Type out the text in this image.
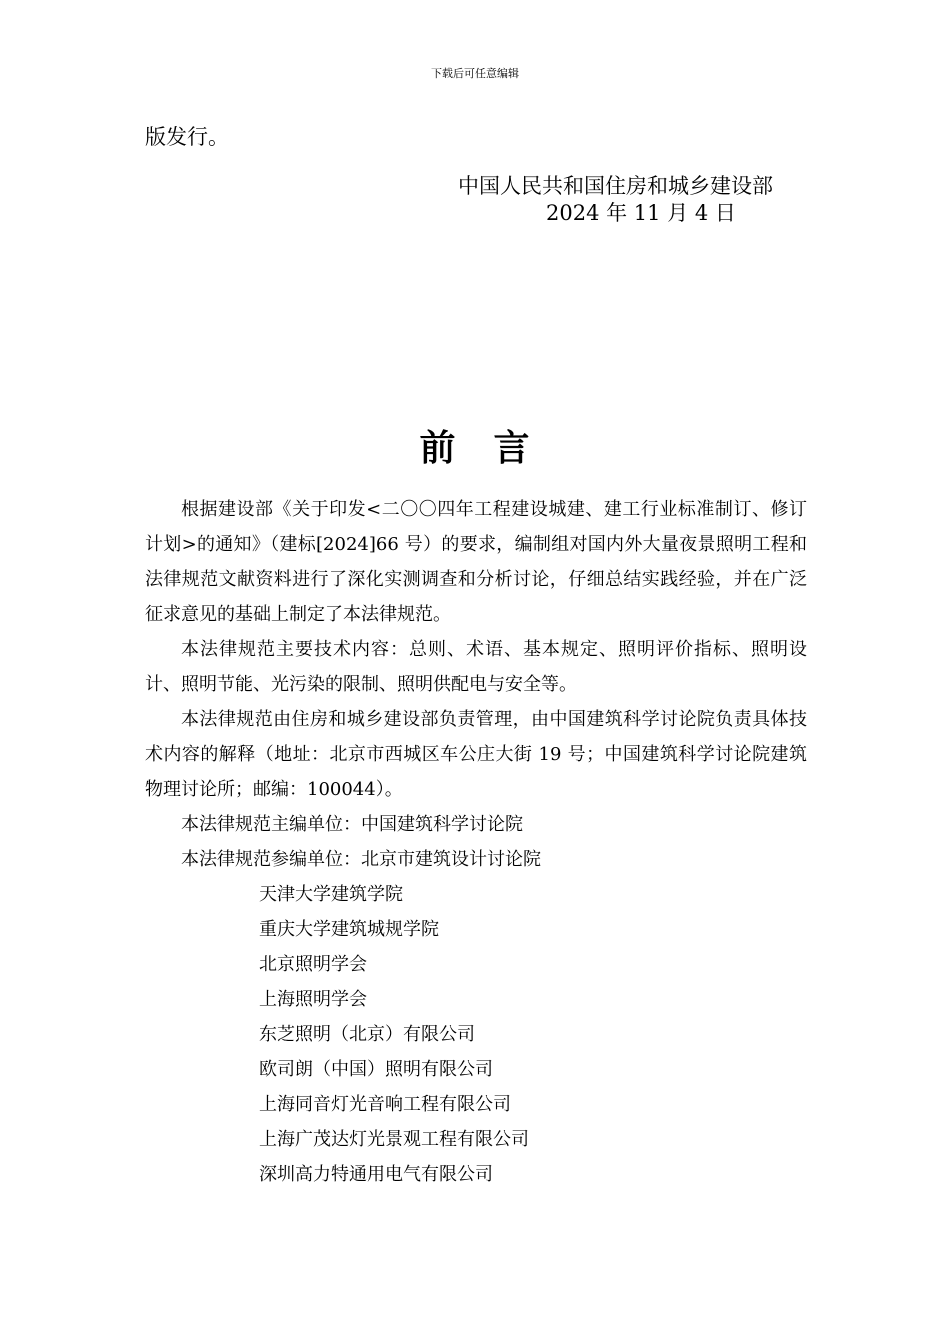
下载后可任意编辑
版发行。
中国人民共和国住房和城乡建设部
2024 年 11 月 4 日
前　言

根据建设部《关于印发<二〇〇四年工程建设城建、建工行业标准制订、修订计划>的通知》（建标[2024]66 号）的要求，编制组对国内外大量夜景照明工程和法律规范文献资料进行了深化实测调查和分析讨论，仔细总结实践经验，并在广泛征求意见的基础上制定了本法律规范。

本法律规范主要技术内容：总则、术语、基本规定、照明评价指标、照明设计、照明节能、光污染的限制、照明供配电与安全等。

本法律规范由住房和城乡建设部负责管理，由中国建筑科学讨论院负责具体技术内容的解释（地址：北京市西城区车公庄大街 19 号；中国建筑科学讨论院建筑物理讨论所；邮编：100044）。

本法律规范主编单位：中国建筑科学讨论院

本法律规范参编单位：北京市建筑设计讨论院

天津大学建筑学院
重庆大学建筑城规学院
北京照明学会
上海照明学会
东芝照明（北京）有限公司
欧司朗（中国）照明有限公司
上海同音灯光音响工程有限公司
上海广茂达灯光景观工程有限公司
深圳高力特通用电气有限公司
